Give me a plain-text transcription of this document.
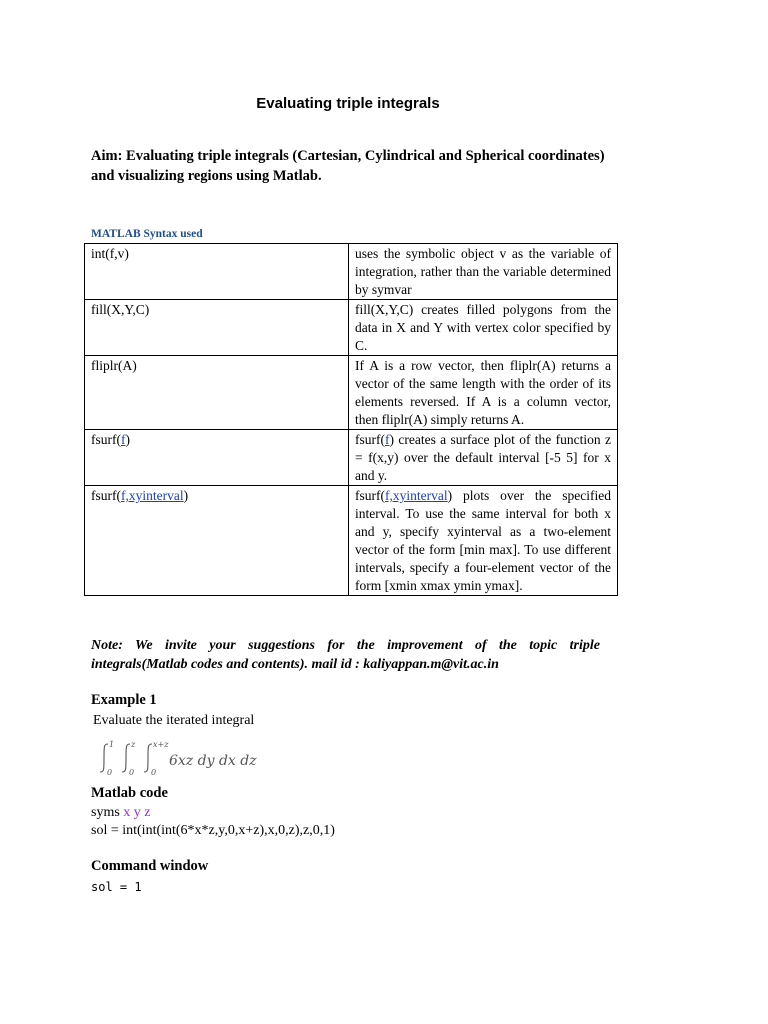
Evaluating triple integrals
Aim: Evaluating triple integrals (Cartesian, Cylindrical and Spherical coordinates) and visualizing regions using Matlab.
MATLAB Syntax used
int(f,v)	uses the symbolic object v as the variable of integration, rather than the variable determined by symvar
fill(X,Y,C)	fill(X,Y,C) creates filled polygons from the data in X and Y with vertex color specified by C.
fliplr(A)	If A is a row vector, then fliplr(A) returns a vector of the same length with the order of its elements reversed. If A is a column vector, then fliplr(A) simply returns A.
fsurf(f)	fsurf(f) creates a surface plot of the function z = f(x,y) over the default interval [-5 5] for x and y.
fsurf(f,xyinterval)	fsurf(f,xyinterval) plots over the specified interval. To use the same interval for both x and y, specify xyinterval as a two-element vector of the form [min max]. To use different intervals, specify a four-element vector of the form [xmin xmax ymin ymax].
Note: We invite your suggestions for the improvement of the topic triple integrals(Matlab codes and contents). mail id : kaliyappan.m@vit.ac.in
Example 1
Evaluate the iterated integral
1
0
z
0
x+z
0
6xz dy dx dz
Matlab code
syms x y z
sol = int(int(int(6*x*z,y,0,x+z),x,0,z),z,0,1)
Command window
sol = 1
